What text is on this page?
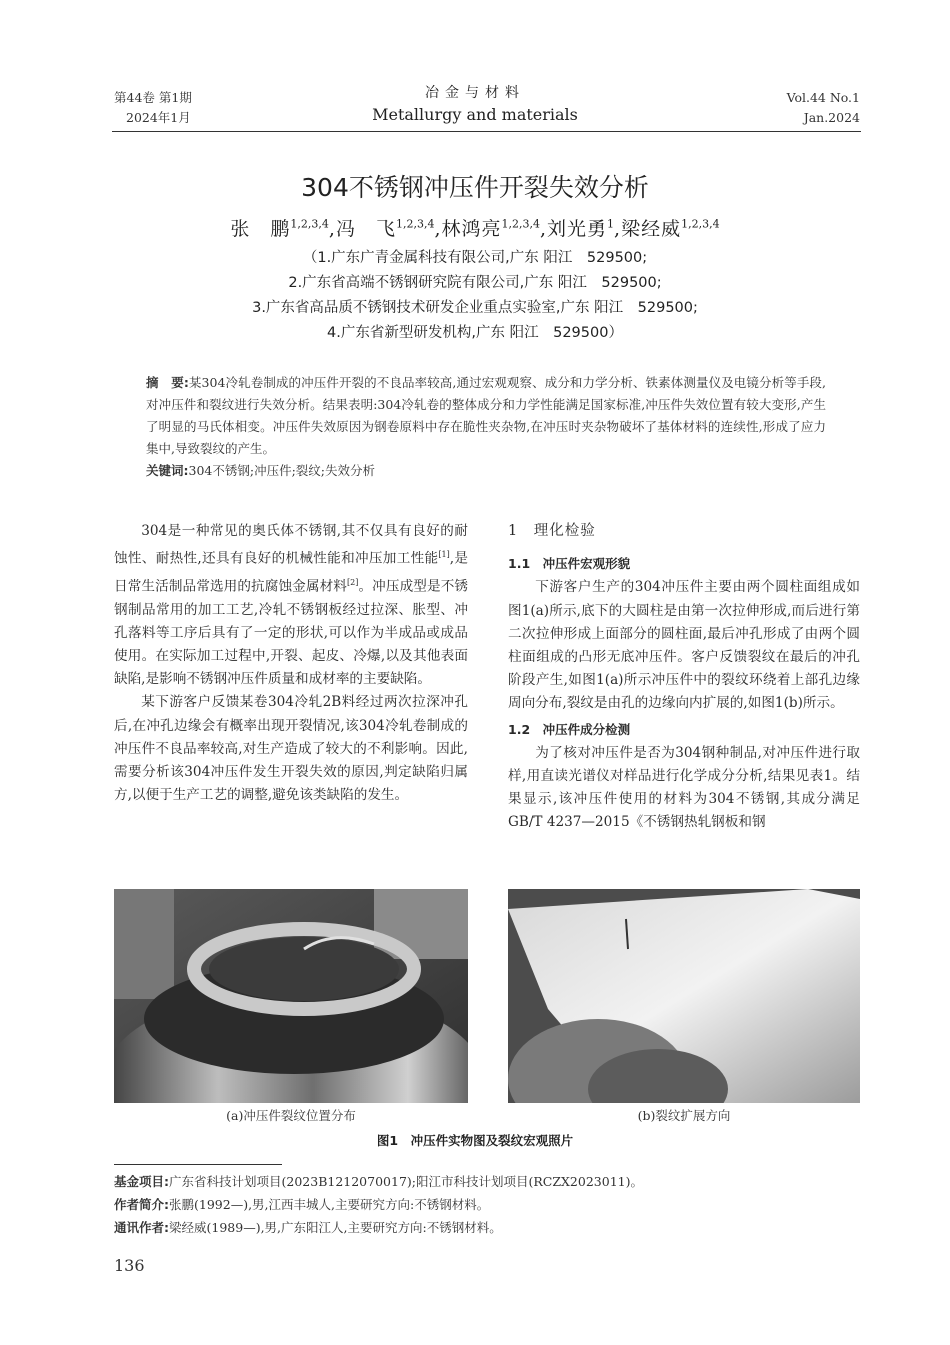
第44卷 第1期
2024年1月
冶金与材料
Metallurgy and materials
Vol.44 No.1
Jan.2024
304不锈钢冲压件开裂失效分析
张　鹏$^{1,2,3,4}$,冯　飞$^{1,2,3,4}$,林鸿亮$^{1,2,3,4}$,刘光勇$^1$,梁经威$^{1,2,3,4}$
（1.广东广青金属科技有限公司,广东 阳江　529500;
2.广东省高端不锈钢研究院有限公司,广东 阳江　529500;
3.广东省高品质不锈钢技术研发企业重点实验室,广东 阳江　529500;
4.广东省新型研发机构,广东 阳江　529500）
摘　要:某304冷轧卷制成的冲压件开裂的不良品率较高,通过宏观观察、成分和力学分析、铁素体测量仪及电镜分析等手段,对冲压件和裂纹进行失效分析。结果表明:304冷轧卷的整体成分和力学性能满足国家标准,冲压件失效位置有较大变形,产生了明显的马氏体相变。冲压件失效原因为钢卷原料中存在脆性夹杂物,在冲压时夹杂物破坏了基体材料的连续性,形成了应力集中,导致裂纹的产生。
关键词:304不锈钢;冲压件;裂纹;失效分析

304是一种常见的奥氏体不锈钢,其不仅具有良好的耐蚀性、耐热性,还具有良好的机械性能和冲压加工性能[1],是日常生活制品常选用的抗腐蚀金属材料[2]。冲压成型是不锈钢制品常用的加工工艺,冷轧不锈钢板经过拉深、胀型、冲孔落料等工序后具有了一定的形状,可以作为半成品或成品使用。在实际加工过程中,开裂、起皮、冷爆,以及其他表面缺陷,是影响不锈钢冲压件质量和成材率的主要缺陷。

某下游客户反馈某卷304冷轧2B料经过两次拉深冲孔后,在冲孔边缘会有概率出现开裂情况,该304冷轧卷制成的冲压件不良品率较高,对生产造成了较大的不利影响。因此,需要分析该304冲压件发生开裂失效的原因,判定缺陷归属方,以便于生产工艺的调整,避免该类缺陷的发生。

1　理化检验
1.1　冲压件宏观形貌

下游客户生产的304冲压件主要由两个圆柱面组成如图1(a)所示,底下的大圆柱是由第一次拉伸形成,而后进行第二次拉伸形成上面部分的圆柱面,最后冲孔形成了由两个圆柱面组成的凸形无底冲压件。客户反馈裂纹在最后的冲孔阶段产生,如图1(a)所示冲压件中的裂纹环绕着上部孔边缘周向分布,裂纹是由孔的边缘向内扩展的,如图1(b)所示。

1.2　冲压件成分检测

为了核对冲压件是否为304钢种制品,对冲压件进行取样,用直读光谱仪对样品进行化学成分分析,结果见表1。结果显示,该冲压件使用的材料为304不锈钢,其成分满足GB/T 4237—2015《不锈钢热轧钢板和钢

(a)冲压件裂纹位置分布	(b)裂纹扩展方向
图1　冲压件实物图及裂纹宏观照片
基金项目:广东省科技计划项目(2023B1212070017);阳江市科技计划项目(RCZX2023011)。
作者简介:张鹏(1992—),男,江西丰城人,主要研究方向:不锈钢材料。
通讯作者:梁经威(1989—),男,广东阳江人,主要研究方向:不锈钢材料。
136
